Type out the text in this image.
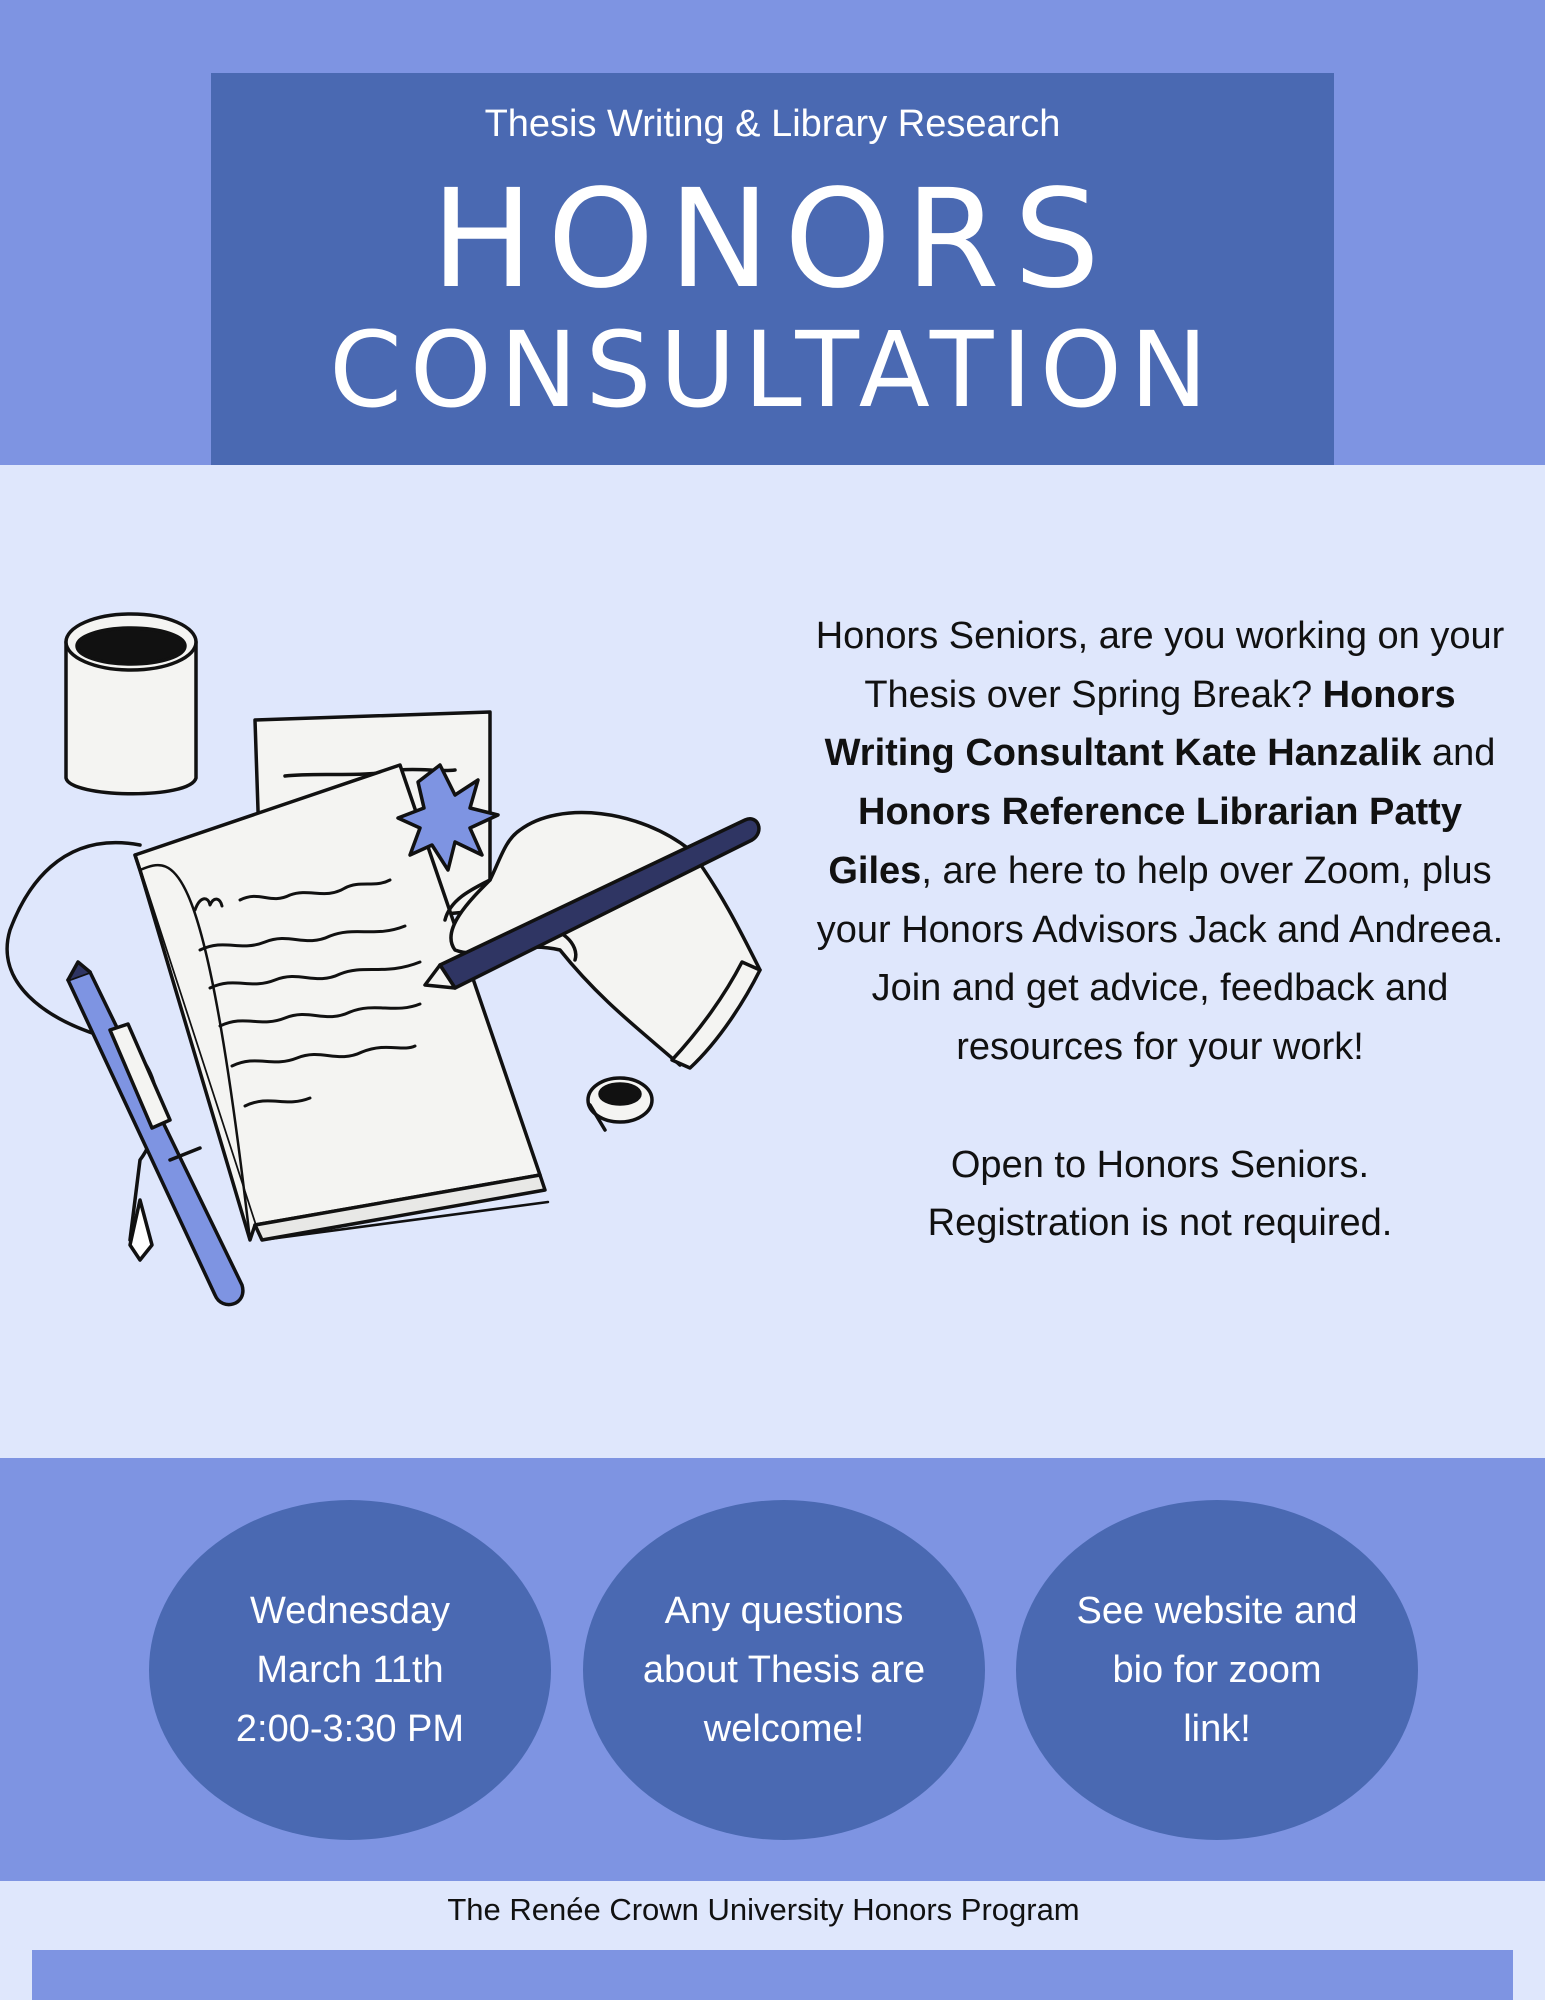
Thesis Writing & Library Research
HONORS
CONSULTATION
Honors Seniors, are you working on your Thesis over Spring Break? Honors Writing Consultant Kate Hanzalik and Honors Reference Librarian Patty Giles, are here to help over Zoom, plus your Honors Advisors Jack and Andreea. Join and get advice, feedback and resources for your work!
Open to Honors Seniors.
Registration is not required.
Wednesday
March 11th
2:00-3:30 PM
Any questions
about Thesis are
welcome!
See website and
bio for zoom
link!
The Renée Crown University Honors Program
